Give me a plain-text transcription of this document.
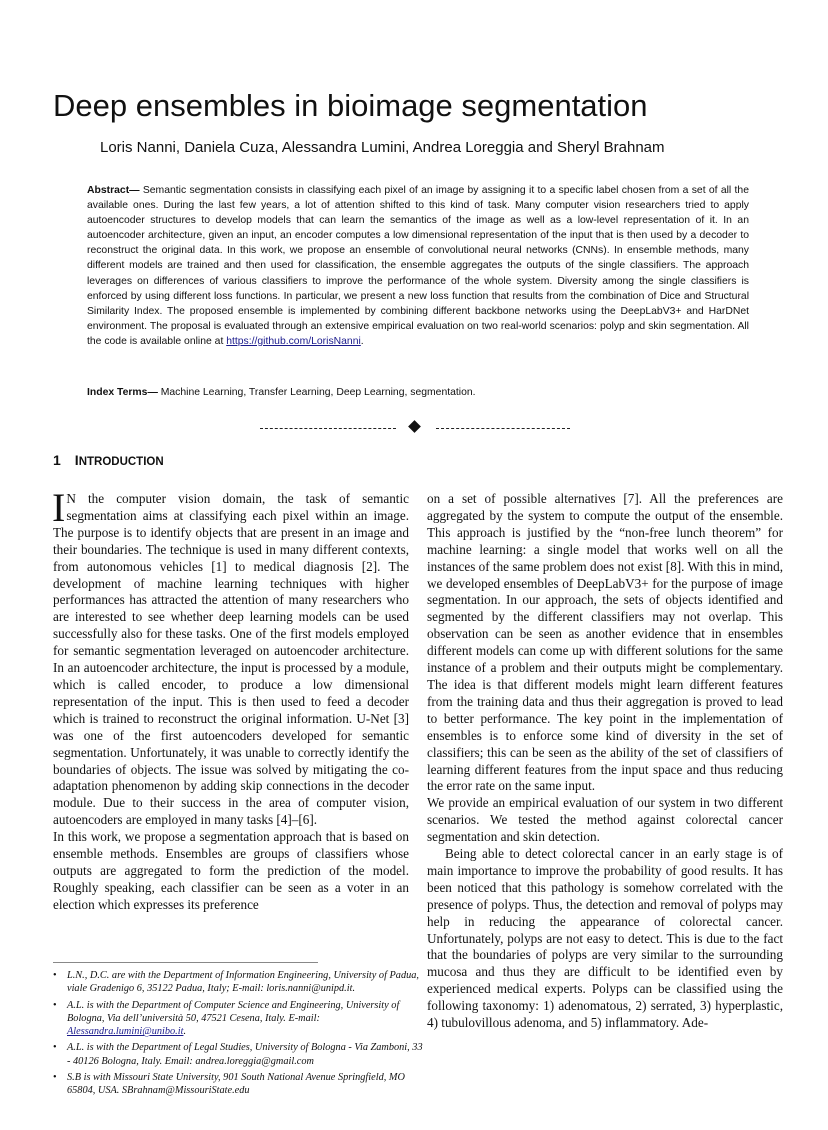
Deep ensembles in bioimage segmentation
Loris Nanni, Daniela Cuza, Alessandra Lumini, Andrea Loreggia and Sheryl Brahnam

Abstract— Semantic segmentation consists in classifying each pixel of an image by assigning it to a specific label chosen from a set of all the available ones. During the last few years, a lot of attention shifted to this kind of task. Many computer vision researchers tried to apply autoencoder structures to develop models that can learn the semantics of the image as well as a low-level representation of it. In an autoencoder architecture, given an input, an encoder computes a low dimensional representation of the input that is then used by a decoder to reconstruct the original data. In this work, we propose an ensemble of convolutional neural networks (CNNs). In ensemble methods, many different models are trained and then used for classification, the ensemble aggregates the outputs of the single classifiers. The approach leverages on differences of various classifiers to improve the performance of the whole system. Diversity among the single classifiers is enforced by using different loss functions. In particular, we present a new loss function that results from the combination of Dice and Structural Similarity Index. The proposed ensemble is implemented by combining different backbone networks using the DeepLabV3+ and HarDNet environment. The proposal is evaluated through an extensive empirical evaluation on two real-world scenarios: polyp and skin segmentation. All the code is available online at https://github.com/LorisNanni.

Index Terms— Machine Learning, Transfer Learning, Deep Learning, segmentation.

1 INTRODUCTION

I N the computer vision domain, the task of semantic segmentation aims at classifying each pixel within an image. The purpose is to identify objects that are present in an image and their boundaries. The technique is used in many different contexts, from autonomous vehicles [1] to medical diagnosis [2]. The development of machine learning techniques with higher performances has attracted the attention of many researchers who are interested to see whether deep learning models can be used successfully also for these tasks. One of the first models employed for semantic segmentation leveraged on autoencoder architecture. In an autoencoder architecture, the input is processed by a module, which is called encoder, to produce a low dimensional representation of the input. This is then used to feed a decoder which is trained to reconstruct the original information. U-Net [3] was one of the first autoencoders developed for semantic segmentation. Unfortunately, it was unable to correctly identify the boundaries of objects. The issue was solved by mitigating the co-adaptation phenomenon by adding skip connections in the decoder module. Due to their success in the area of computer vision, autoencoders are employed in many tasks [4]–[6].

In this work, we propose a segmentation approach that is based on ensemble methods. Ensembles are groups of classifiers whose outputs are aggregated to form the prediction of the model. Roughly speaking, each classifier can be seen as a voter in an election which expresses its preference

on a set of possible alternatives [7]. All the preferences are aggregated by the system to compute the output of the ensemble. This approach is justified by the “non-free lunch theorem” for machine learning: a single model that works well on all the instances of the same problem does not exist [8]. With this in mind, we developed ensembles of DeepLabV3+ for the purpose of image segmentation. In our approach, the sets of objects identified and segmented by the different classifiers may not overlap. This observation can be seen as another evidence that in ensembles different models can come up with different solutions for the same instance of a problem and their outputs might be complementary. The idea is that different models might learn different features from the training data and thus their aggregation is proved to lead to better performance. The key point in the implementation of ensembles is to enforce some kind of diversity in the set of classifiers; this can be seen as the ability of the set of classifiers of learning different features from the input space and thus reducing the error rate on the same input.

We provide an empirical evaluation of our system in two different scenarios. We tested the method against colorectal cancer segmentation and skin detection.

Being able to detect colorectal cancer in an early stage is of main importance to improve the probability of good results. It has been noticed that this pathology is somehow correlated with the presence of polyps. Thus, the detection and removal of polyps may help in reducing the appearance of colorectal cancer. Unfortunately, polyps are not easy to detect. This is due to the fact that the boundaries of polyps are very similar to the surrounding mucosa and thus they are difficult to be identified even by experienced medical experts. Polyps can be classified using the following taxonomy: 1) adenomatous, 2) serrated, 3) hyperplastic, 4) tubulovillous adenoma, and 5) inflammatory. Ade-

• L.N., D.C. are with the Department of Information Engineering, University of Padua, viale Gradenigo 6, 35122 Padua, Italy; E-mail: loris.nanni@unipd.it.
• A.L. is with the Department of Computer Science and Engineering, University of Bologna, Via dell’università 50, 47521 Cesena, Italy. E-mail: Alessandra.lumini@unibo.it.
• A.L. is with the Department of Legal Studies, University of Bologna - Via Zamboni, 33 - 40126 Bologna, Italy. Email: andrea.loreggia@gmail.com
• S.B is with Missouri State University, 901 South National Avenue Springfield, MO 65804, USA. SBrahnam@MissouriState.edu
